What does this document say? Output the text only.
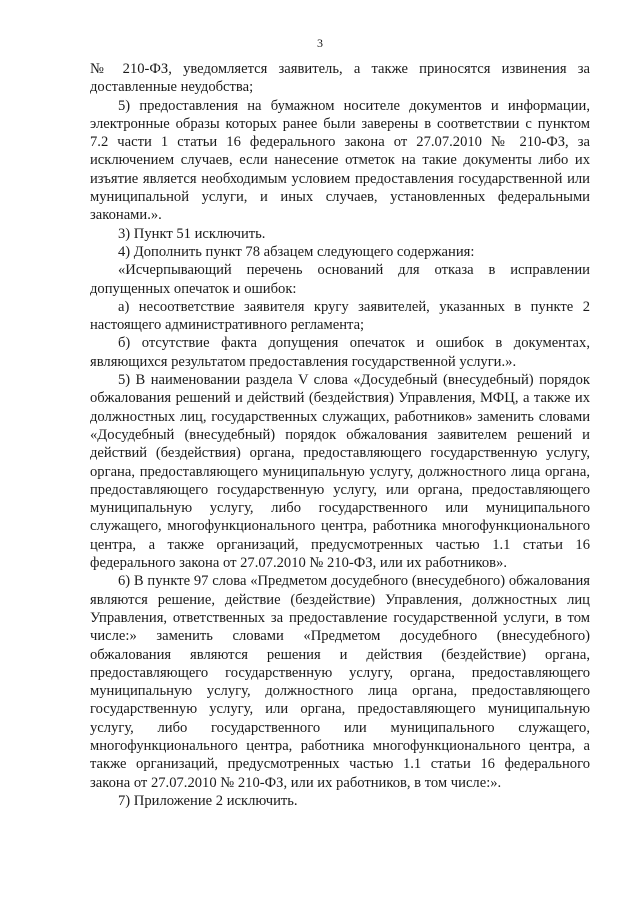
3

№ 210-ФЗ, уведомляется заявитель, а также приносятся извинения за доставленные неудобства;

5) предоставления на бумажном носителе документов и информации, электронные образы которых ранее были заверены в соответствии с пунктом 7.2 части 1 статьи 16 федерального закона от 27.07.2010 № 210-ФЗ, за исключением случаев, если нанесение отметок на такие документы либо их изъятие является необходимым условием предоставления государственной или муниципальной услуги, и иных случаев, установленных федеральными законами.».

3) Пункт 51 исключить.

4) Дополнить пункт 78 абзацем следующего содержания:

«Исчерпывающий перечень оснований для отказа в исправлении допущенных опечаток и ошибок:

а) несоответствие заявителя кругу заявителей, указанных в пункте 2 настоящего административного регламента;

б) отсутствие факта допущения опечаток и ошибок в документах, являющихся результатом предоставления государственной услуги.».

5) В наименовании раздела V слова «Досудебный (внесудебный) порядок обжалования решений и действий (бездействия) Управления, МФЦ, а также их должностных лиц, государственных служащих, работников» заменить словами «Досудебный (внесудебный) порядок обжалования заявителем решений и действий (бездействия) органа, предоставляющего государственную услугу, органа, предоставляющего муниципальную услугу, должностного лица органа, предоставляющего государственную услугу, или органа, предоставляющего муниципальную услугу, либо государственного или муниципального служащего, многофункционального центра, работника многофункционального центра, а также организаций, предусмотренных частью 1.1 статьи 16 федерального закона от 27.07.2010 № 210-ФЗ, или их работников».

6) В пункте 97 слова «Предметом досудебного (внесудебного) обжалования являются решение, действие (бездействие) Управления, должностных лиц Управления, ответственных за предоставление государственной услуги, в том числе:» заменить словами «Предметом досудебного (внесудебного) обжалования являются решения и действия (бездействие) органа, предоставляющего государственную услугу, органа, предоставляющего муниципальную услугу, должностного лица органа, предоставляющего государственную услугу, или органа, предоставляющего муниципальную услугу, либо государственного или муниципального служащего, многофункционального центра, работника многофункционального центра, а также организаций, предусмотренных частью 1.1 статьи 16 федерального закона от 27.07.2010 № 210-ФЗ, или их работников, в том числе:».

7) Приложение 2 исключить.
